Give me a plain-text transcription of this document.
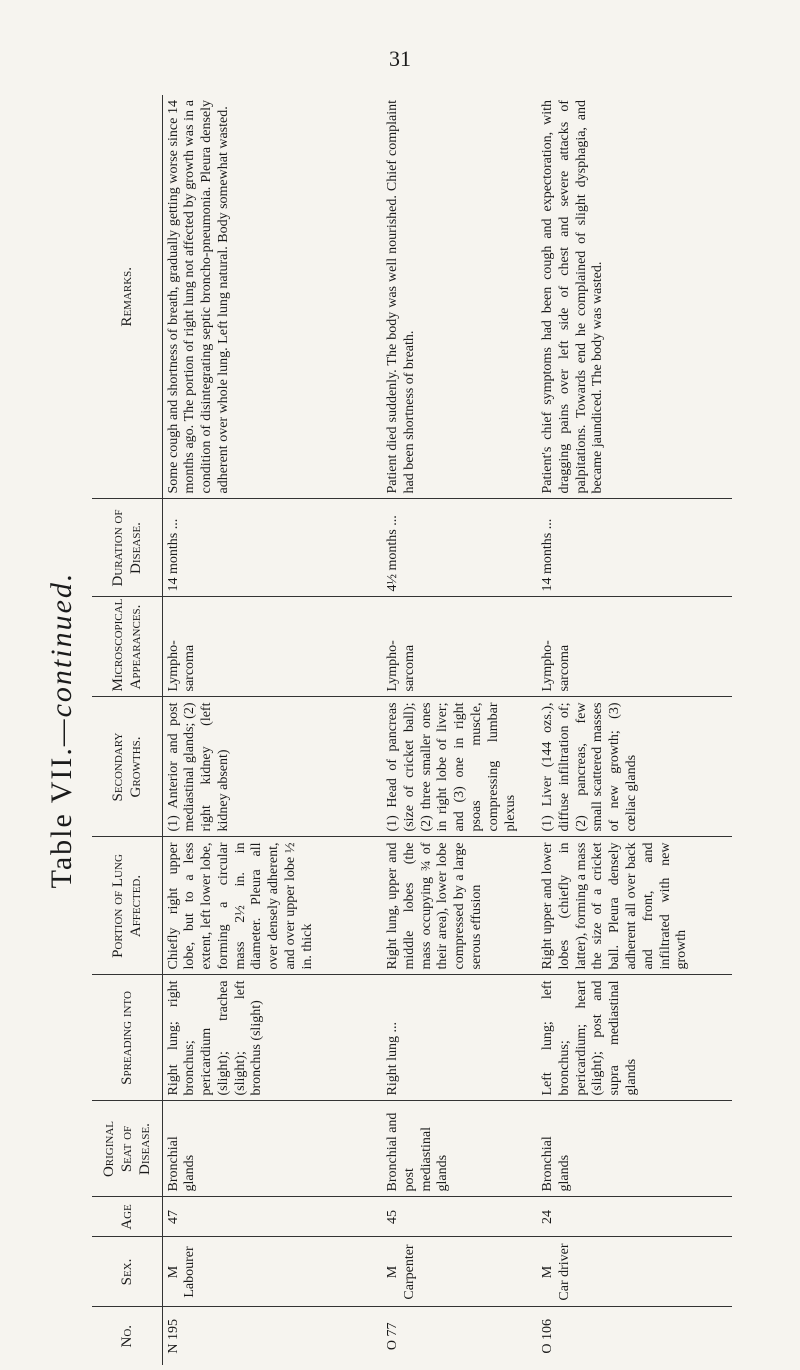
31
Table VII.—continued.
No.	Sex.	Age	Original Seat of Disease.	Spreading into	Portion of Lung Affected.	Secondary Growths.	Microscopical Appearances.	Duration of Disease.	Remarks.
N 195	M Labourer	47	Bronchial glands	Right lung; right bronchus; pericardium (slight); trachea (slight); left bronchus (slight)	Chiefly right upper lobe, but to a less extent, left lower lobe, forming a circular mass 2½ in. in diameter. Pleura all over densely adherent, and over upper lobe ½ in. thick	(1) Anterior and post mediastinal glands; (2) right kidney (left kidney absent)	Lympho-sarcoma	14 months ...	Some cough and shortness of breath, gradually getting worse since 14 months ago. The portion of right lung not affected by growth was in a condition of disintegrating septic broncho-pneumonia. Pleura densely adherent over whole lung. Left lung natural. Body somewhat wasted.
O 77	M Carpenter	45	Bronchial and post mediastinal glands	Right lung ...	Right lung, upper and middle lobes (the mass occupying ¾ of their area), lower lobe compressed by a large serous effusion	(1) Head of pancreas (size of cricket ball); (2) three smaller ones in right lobe of liver; and (3) one in right psoas muscle, compressing lumbar plexus	Lympho-sarcoma	4½ months ...	Patient died suddenly. The body was well nourished. Chief complaint had been shortness of breath.
O 106	M Car driver	24	Bronchial glands	Left lung; left bronchus; pericardium; heart (slight); post and supra mediastinal glands	Right upper and lower lobes (chiefly in latter), forming a mass the size of a cricket ball. Pleura densely adherent all over back and front, and infiltrated with new growth	(1) Liver (144 ozs.), diffuse infiltration of; (2) pancreas, few small scattered masses of new growth; (3) cœliac glands	Lympho-sarcoma	14 months ...	Patient's chief symptoms had been cough and expectoration, with dragging pains over left side of chest and severe attacks of palpitations. Towards end he complained of slight dysphagia, and became jaundiced. The body was wasted.
